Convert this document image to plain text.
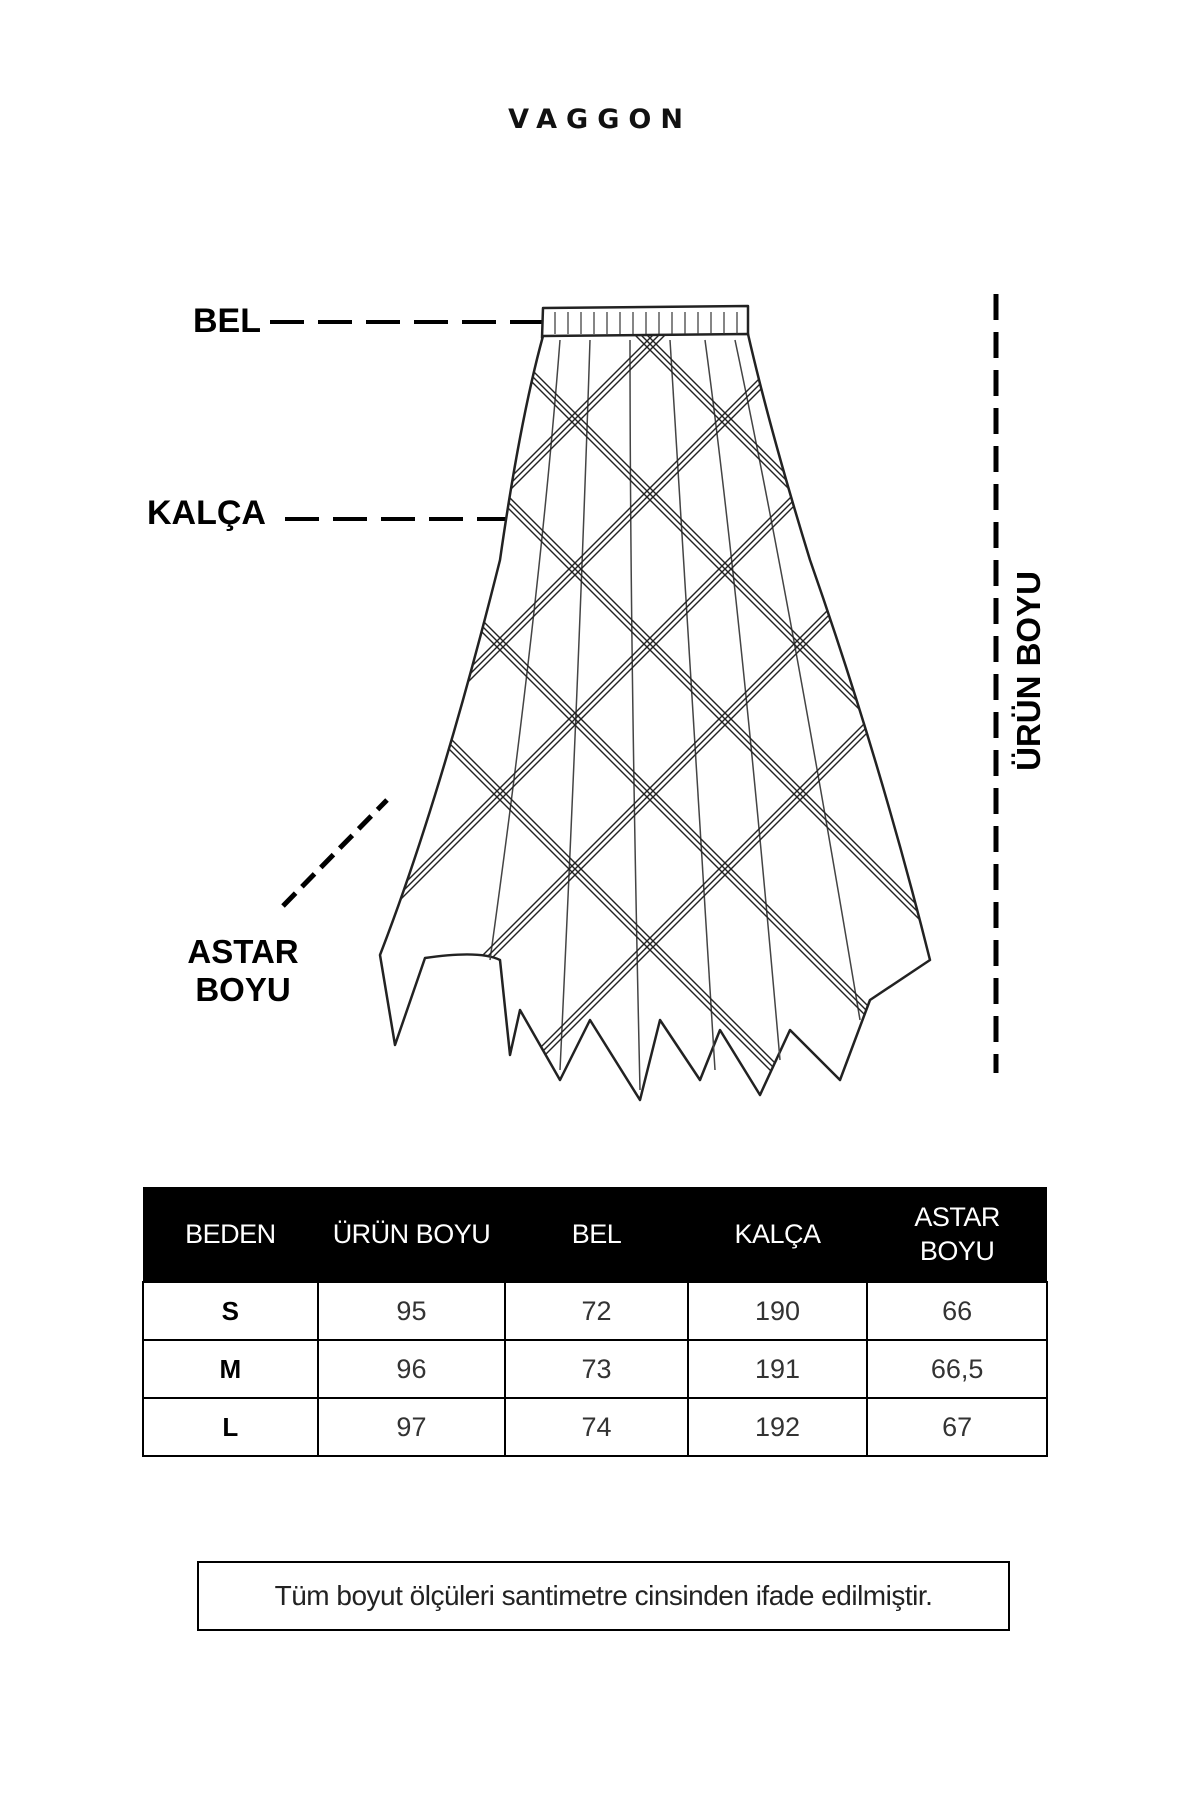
VAGGON
BEL
KALÇA
ASTAR
BOYU
ÜRÜN BOYU
BEDEN	ÜRÜN BOYU	BEL	KALÇA	ASTAR
BOYU

S	95	72	190	66
M	96	73	191	66,5
L	97	74	192	67
Tüm boyut ölçüleri santimetre cinsinden ifade edilmiştir.
